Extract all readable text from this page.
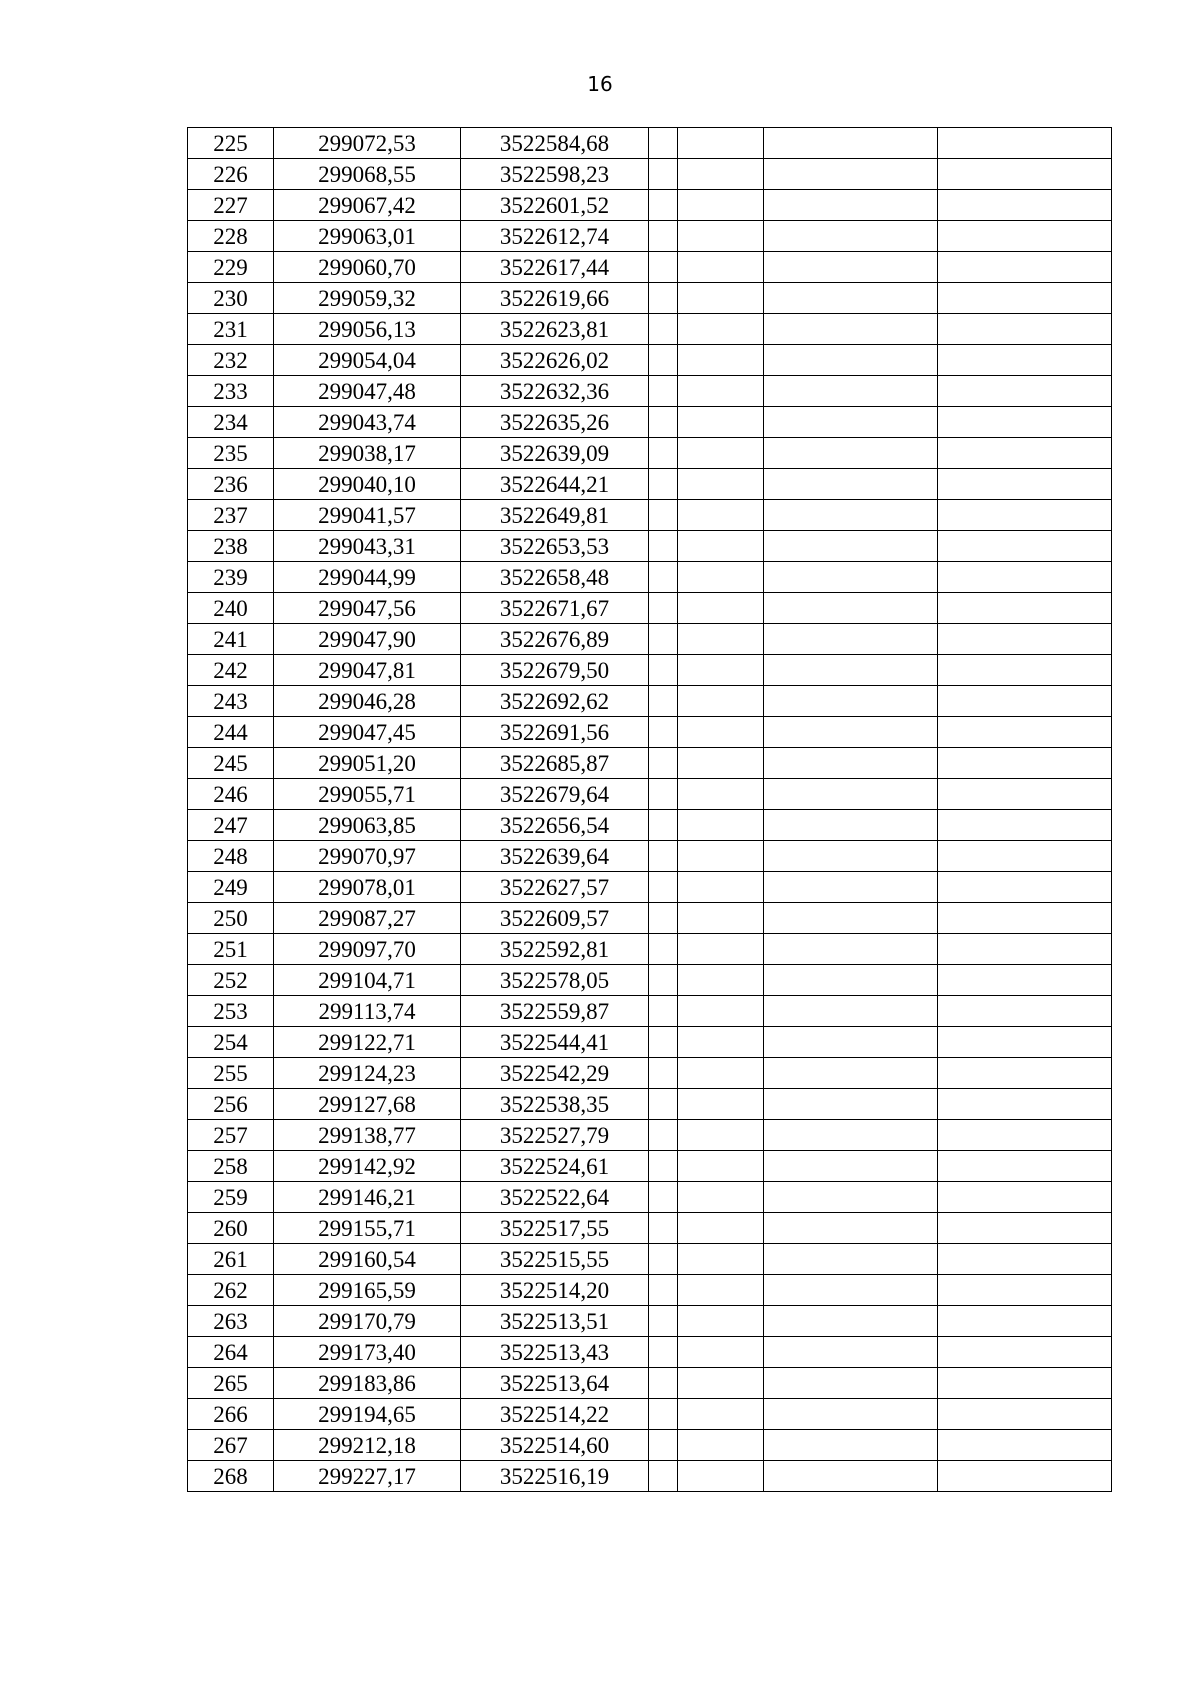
16
225	299072,53	3522584,68				
226	299068,55	3522598,23				
227	299067,42	3522601,52				
228	299063,01	3522612,74				
229	299060,70	3522617,44				
230	299059,32	3522619,66				
231	299056,13	3522623,81				
232	299054,04	3522626,02				
233	299047,48	3522632,36				
234	299043,74	3522635,26				
235	299038,17	3522639,09				
236	299040,10	3522644,21				
237	299041,57	3522649,81				
238	299043,31	3522653,53				
239	299044,99	3522658,48				
240	299047,56	3522671,67				
241	299047,90	3522676,89				
242	299047,81	3522679,50				
243	299046,28	3522692,62				
244	299047,45	3522691,56				
245	299051,20	3522685,87				
246	299055,71	3522679,64				
247	299063,85	3522656,54				
248	299070,97	3522639,64				
249	299078,01	3522627,57				
250	299087,27	3522609,57				
251	299097,70	3522592,81				
252	299104,71	3522578,05				
253	299113,74	3522559,87				
254	299122,71	3522544,41				
255	299124,23	3522542,29				
256	299127,68	3522538,35				
257	299138,77	3522527,79				
258	299142,92	3522524,61				
259	299146,21	3522522,64				
260	299155,71	3522517,55				
261	299160,54	3522515,55				
262	299165,59	3522514,20				
263	299170,79	3522513,51				
264	299173,40	3522513,43				
265	299183,86	3522513,64				
266	299194,65	3522514,22				
267	299212,18	3522514,60				
268	299227,17	3522516,19				
